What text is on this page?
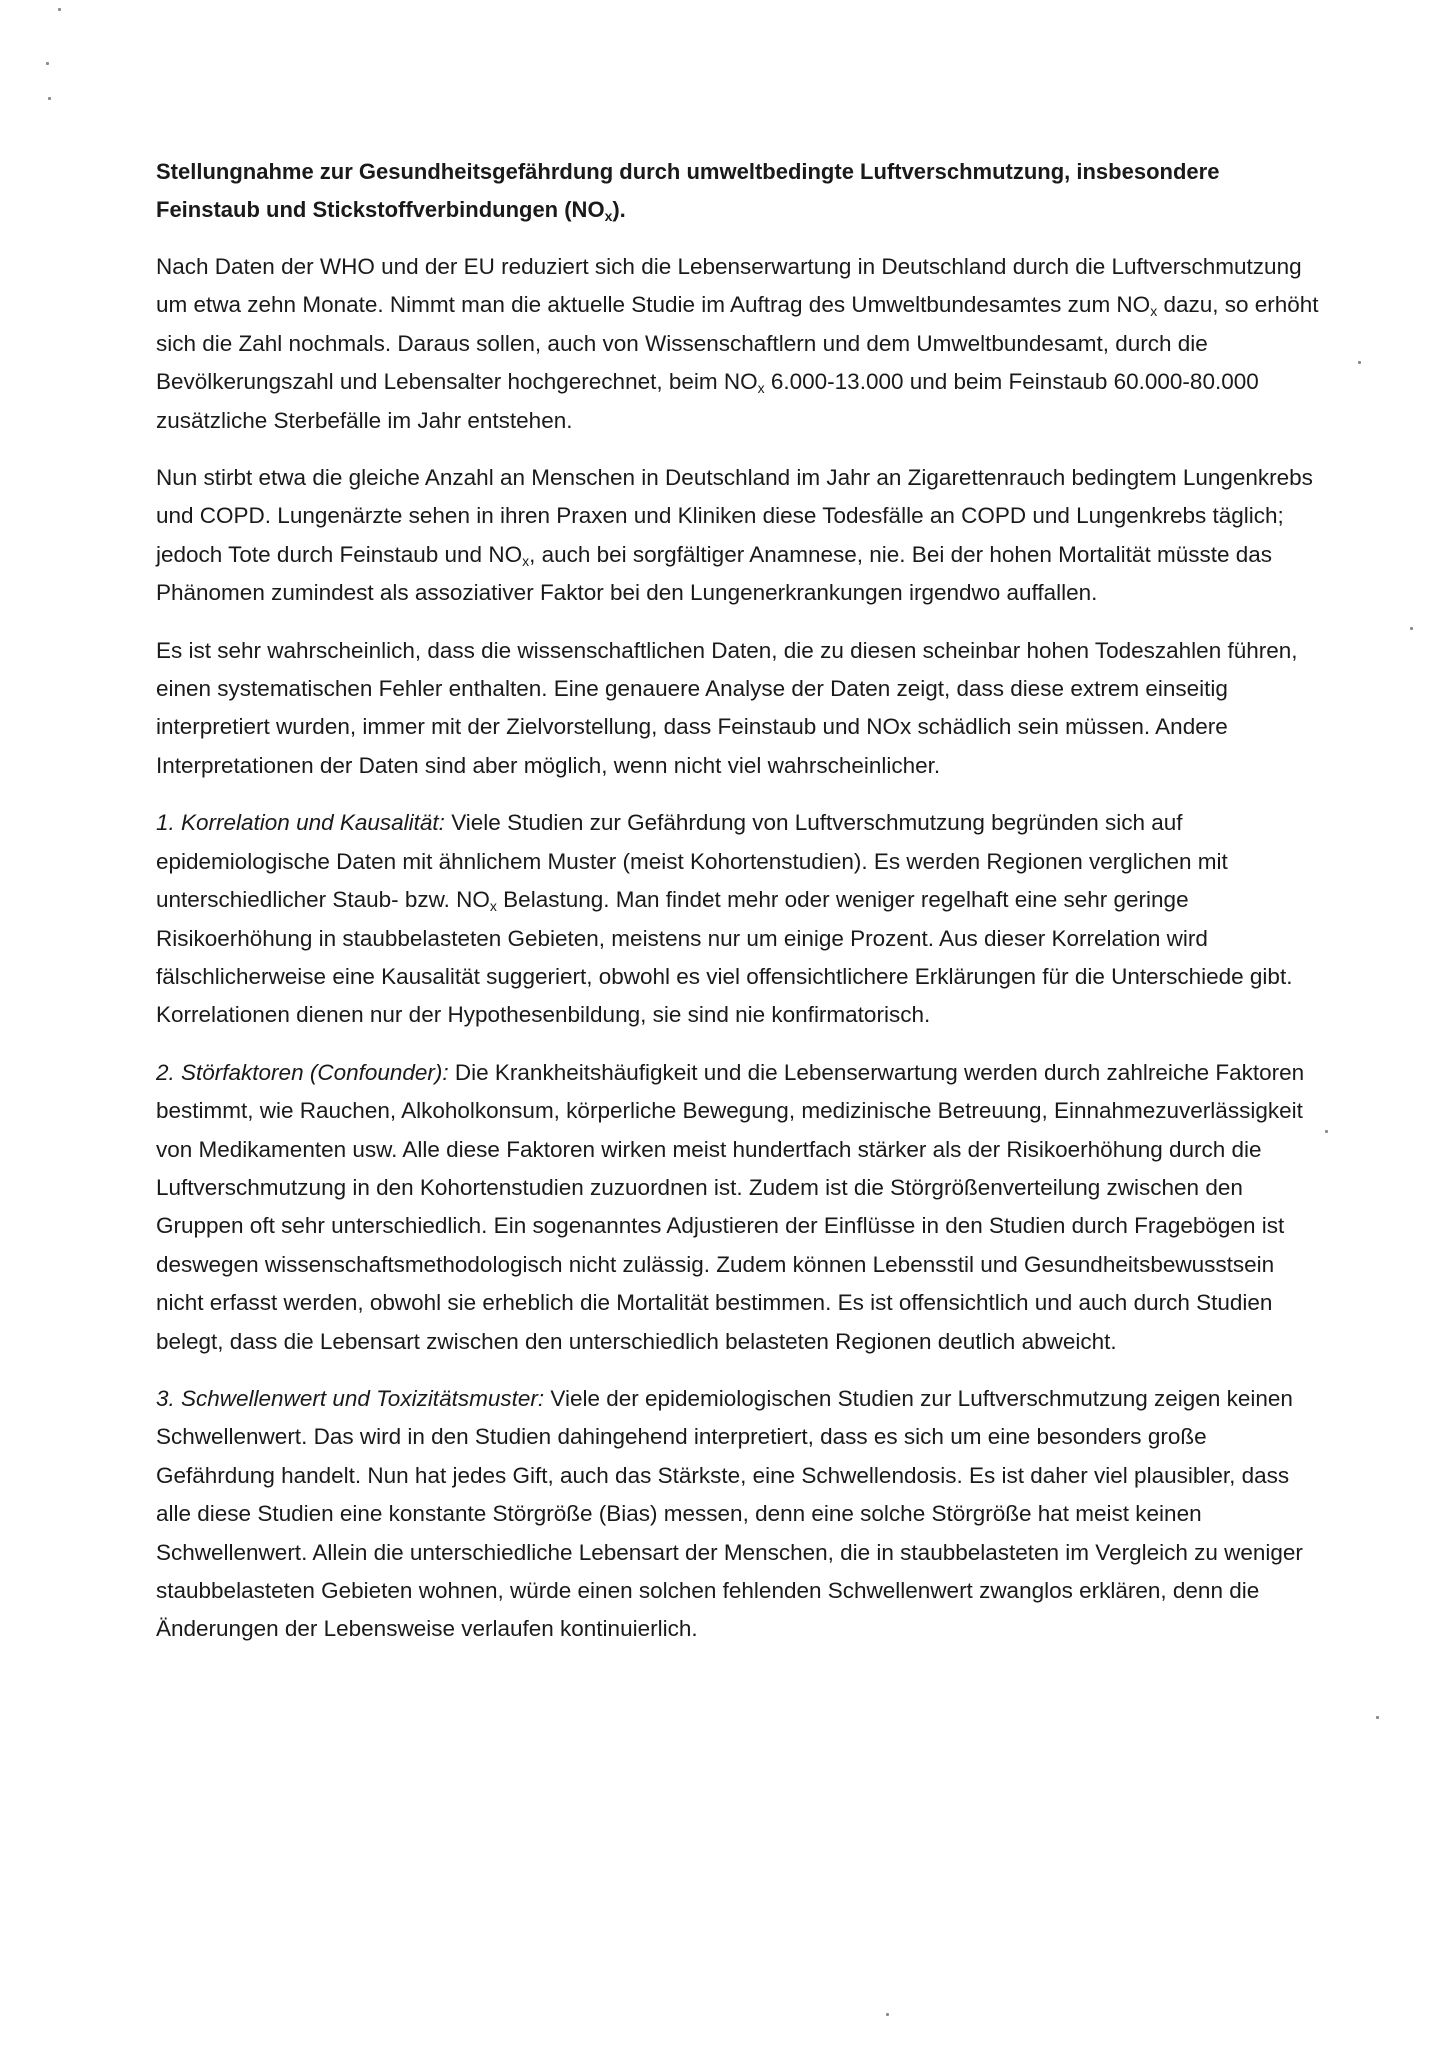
Stellungnahme zur Gesundheitsgefährdung durch umweltbedingte Luftverschmutzung, insbesondere Feinstaub und Stickstoffverbindungen $(NO_x)$.

Nach Daten der WHO und der EU reduziert sich die Lebenserwartung in Deutschland durch die Luftverschmutzung um etwa zehn Monate. Nimmt man die aktuelle Studie im Auftrag des Umweltbundesamtes zum $NO_x$ dazu, so erhöht sich die Zahl nochmals. Daraus sollen, auch von Wissenschaftlern und dem Umweltbundesamt, durch die Bevölkerungszahl und Lebensalter hochgerechnet, beim $NO_x$ 6.000-13.000 und beim Feinstaub 60.000-80.000 zusätzliche Sterbefälle im Jahr entstehen.

Nun stirbt etwa die gleiche Anzahl an Menschen in Deutschland im Jahr an Zigarettenrauch bedingtem Lungenkrebs und COPD. Lungenärzte sehen in ihren Praxen und Kliniken diese Todesfälle an COPD und Lungenkrebs täglich; jedoch Tote durch Feinstaub und $NO_x$, auch bei sorgfältiger Anamnese, nie. Bei der hohen Mortalität müsste das Phänomen zumindest als assoziativer Faktor bei den Lungenerkrankungen irgendwo auffallen.

Es ist sehr wahrscheinlich, dass die wissenschaftlichen Daten, die zu diesen scheinbar hohen Todeszahlen führen, einen systematischen Fehler enthalten. Eine genauere Analyse der Daten zeigt, dass diese extrem einseitig interpretiert wurden, immer mit der Zielvorstellung, dass Feinstaub und NOx schädlich sein müssen. Andere Interpretationen der Daten sind aber möglich, wenn nicht viel wahrscheinlicher.

1. Korrelation und Kausalität: Viele Studien zur Gefährdung von Luftverschmutzung begründen sich auf epidemiologische Daten mit ähnlichem Muster (meist Kohortenstudien). Es werden Regionen verglichen mit unterschiedlicher Staub- bzw. $NO_x$ Belastung. Man findet mehr oder weniger regelhaft eine sehr geringe Risikoerhöhung in staubbelasteten Gebieten, meistens nur um einige Prozent. Aus dieser Korrelation wird fälschlicherweise eine Kausalität suggeriert, obwohl es viel offensichtlichere Erklärungen für die Unterschiede gibt. Korrelationen dienen nur der Hypothesenbildung, sie sind nie konfirmatorisch.

2. Störfaktoren (Confounder): Die Krankheitshäufigkeit und die Lebenserwartung werden durch zahlreiche Faktoren bestimmt, wie Rauchen, Alkoholkonsum, körperliche Bewegung, medizinische Betreuung, Einnahmezuverlässigkeit von Medikamenten usw. Alle diese Faktoren wirken meist hundertfach stärker als der Risikoerhöhung durch die Luftverschmutzung in den Kohortenstudien zuzuordnen ist. Zudem ist die Störgrößenverteilung zwischen den Gruppen oft sehr unterschiedlich. Ein sogenanntes Adjustieren der Einflüsse in den Studien durch Fragebögen ist deswegen wissenschaftsmethodologisch nicht zulässig. Zudem können Lebensstil und Gesundheitsbewusstsein nicht erfasst werden, obwohl sie erheblich die Mortalität bestimmen. Es ist offensichtlich und auch durch Studien belegt, dass die Lebensart zwischen den unterschiedlich belasteten Regionen deutlich abweicht.

3. Schwellenwert und Toxizitätsmuster: Viele der epidemiologischen Studien zur Luftverschmutzung zeigen keinen Schwellenwert. Das wird in den Studien dahingehend interpretiert, dass es sich um eine besonders große Gefährdung handelt. Nun hat jedes Gift, auch das Stärkste, eine Schwellendosis. Es ist daher viel plausibler, dass alle diese Studien eine konstante Störgröße (Bias) messen, denn eine solche Störgröße hat meist keinen Schwellenwert. Allein die unterschiedliche Lebensart der Menschen, die in staubbelasteten im Vergleich zu weniger staubbelasteten Gebieten wohnen, würde einen solchen fehlenden Schwellenwert zwanglos erklären, denn die Änderungen der Lebensweise verlaufen kontinuierlich.
